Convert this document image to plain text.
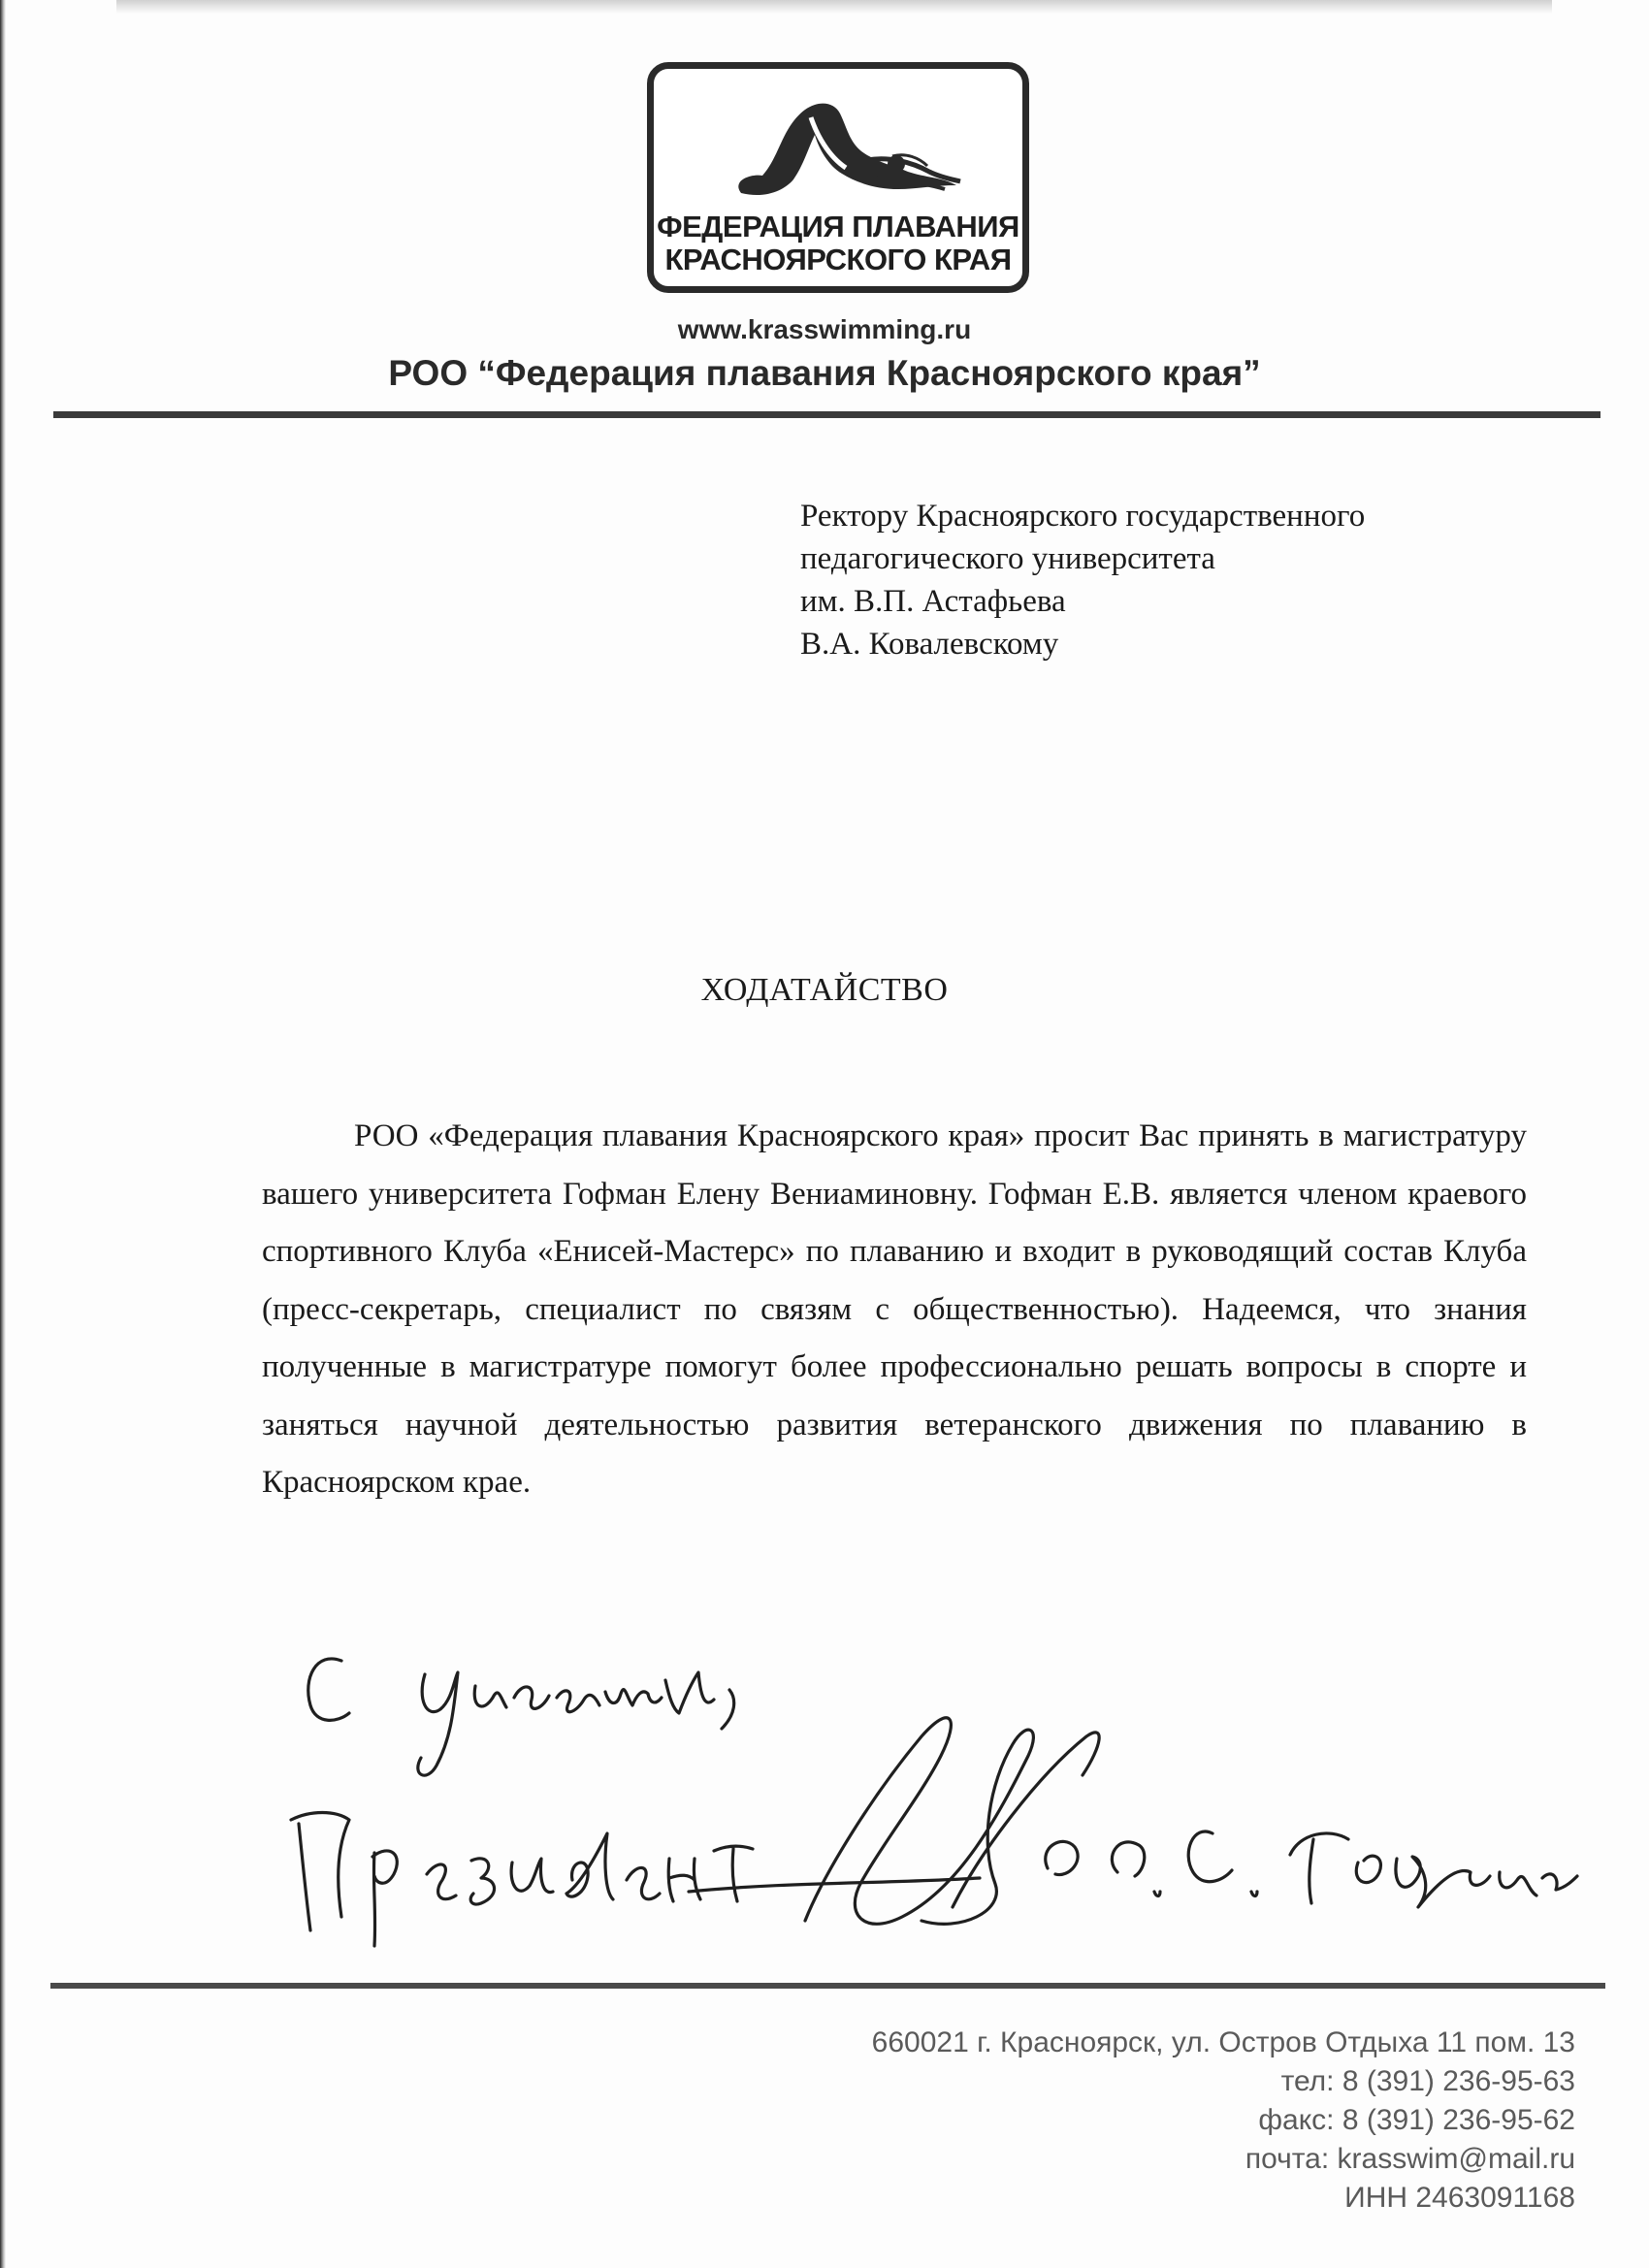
ФЕДЕРАЦИЯ ПЛАВАНИЯ
КРАСНОЯРСКОГО КРАЯ
www.krasswimming.ru
РОО “Федерация плавания Красноярского края”
Ректору Красноярского государственного
педагогического университета
им. В.П. Астафьева
В.А. Ковалевскому
ХОДАТАЙСТВО

РОО «Федерация плавания Красноярского края» просит Вас принять в магистратуру вашего университета Гофман Елену Вениаминовну. Гофман Е.В. является членом краевого спортивного Клуба «Енисей-Мастерс» по плаванию и входит в руководящий состав Клуба (пресс-секретарь, специалист по связям с общественностью). Надеемся, что знания полученные в магистратуре помогут более профессионально решать вопросы в спорте и заняться научной деятельностью развития ветеранского движения по плаванию в Красноярском крае.

660021 г. Красноярск, ул. Остров Отдыха 11 пом. 13
тел: 8 (391) 236-95-63
факс: 8 (391) 236-95-62
почта: krasswim@mail.ru
ИНН 2463091168
